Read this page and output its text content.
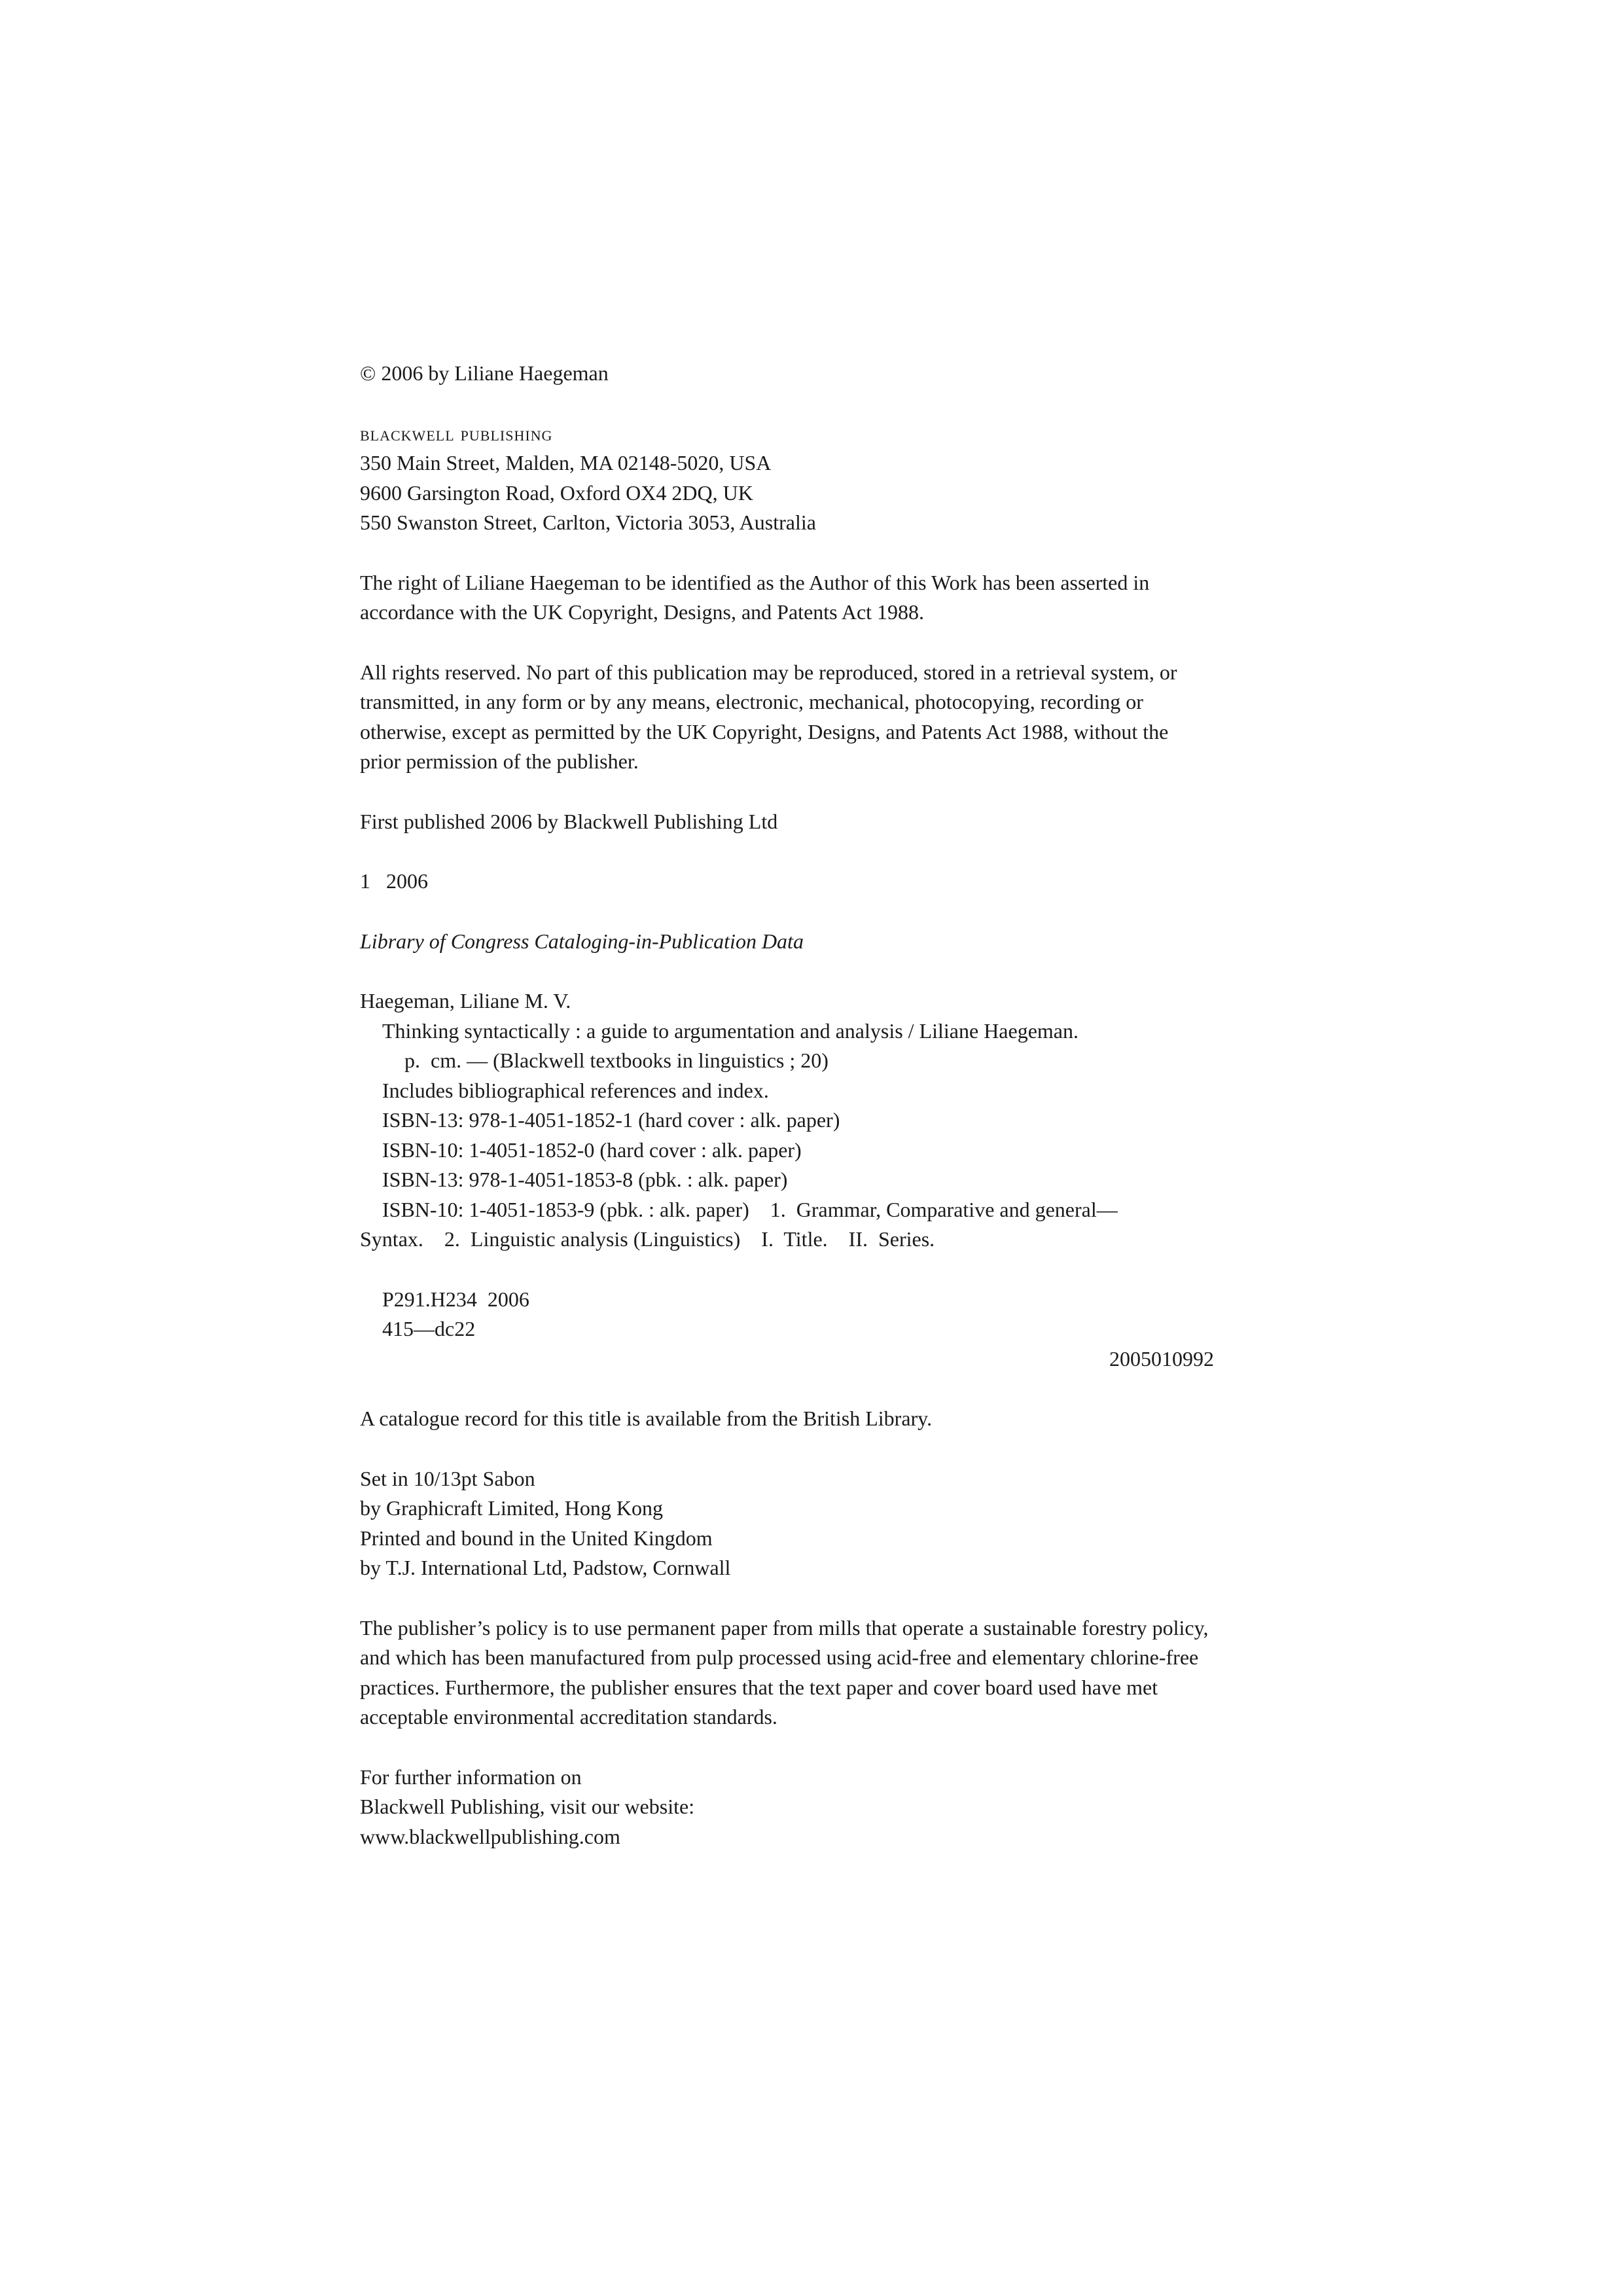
© 2006 by Liliane Haegeman
blackwell publishing
350 Main Street, Malden, MA 02148-5020, USA
9600 Garsington Road, Oxford OX4 2DQ, UK
550 Swanston Street, Carlton, Victoria 3053, Australia
The right of Liliane Haegeman to be identified as the Author of this Work has been asserted in
accordance with the UK Copyright, Designs, and Patents Act 1988.
All rights reserved. No part of this publication may be reproduced, stored in a retrieval system, or
transmitted, in any form or by any means, electronic, mechanical, photocopying, recording or
otherwise, except as permitted by the UK Copyright, Designs, and Patents Act 1988, without the
prior permission of the publisher.
First published 2006 by Blackwell Publishing Ltd
1   2006
Library of Congress Cataloging-in-Publication Data
Haegeman, Liliane M. V.
Thinking syntactically : a guide to argumentation and analysis / Liliane Haegeman.
p.  cm. — (Blackwell textbooks in linguistics ; 20)
Includes bibliographical references and index.
ISBN-13: 978-1-4051-1852-1 (hard cover : alk. paper)
ISBN-10: 1-4051-1852-0 (hard cover : alk. paper)
ISBN-13: 978-1-4051-1853-8 (pbk. : alk. paper)
ISBN-10: 1-4051-1853-9 (pbk. : alk. paper)    1.  Grammar, Comparative and general—
Syntax.    2.  Linguistic analysis (Linguistics)    I.  Title.    II.  Series.
P291.H234  2006
415—dc22
2005010992
A catalogue record for this title is available from the British Library.
Set in 10/13pt Sabon
by Graphicraft Limited, Hong Kong
Printed and bound in the United Kingdom
by T.J. International Ltd, Padstow, Cornwall
The publisher’s policy is to use permanent paper from mills that operate a sustainable forestry policy,
and which has been manufactured from pulp processed using acid-free and elementary chlorine-free
practices. Furthermore, the publisher ensures that the text paper and cover board used have met
acceptable environmental accreditation standards.
For further information on
Blackwell Publishing, visit our website:
www.blackwellpublishing.com
